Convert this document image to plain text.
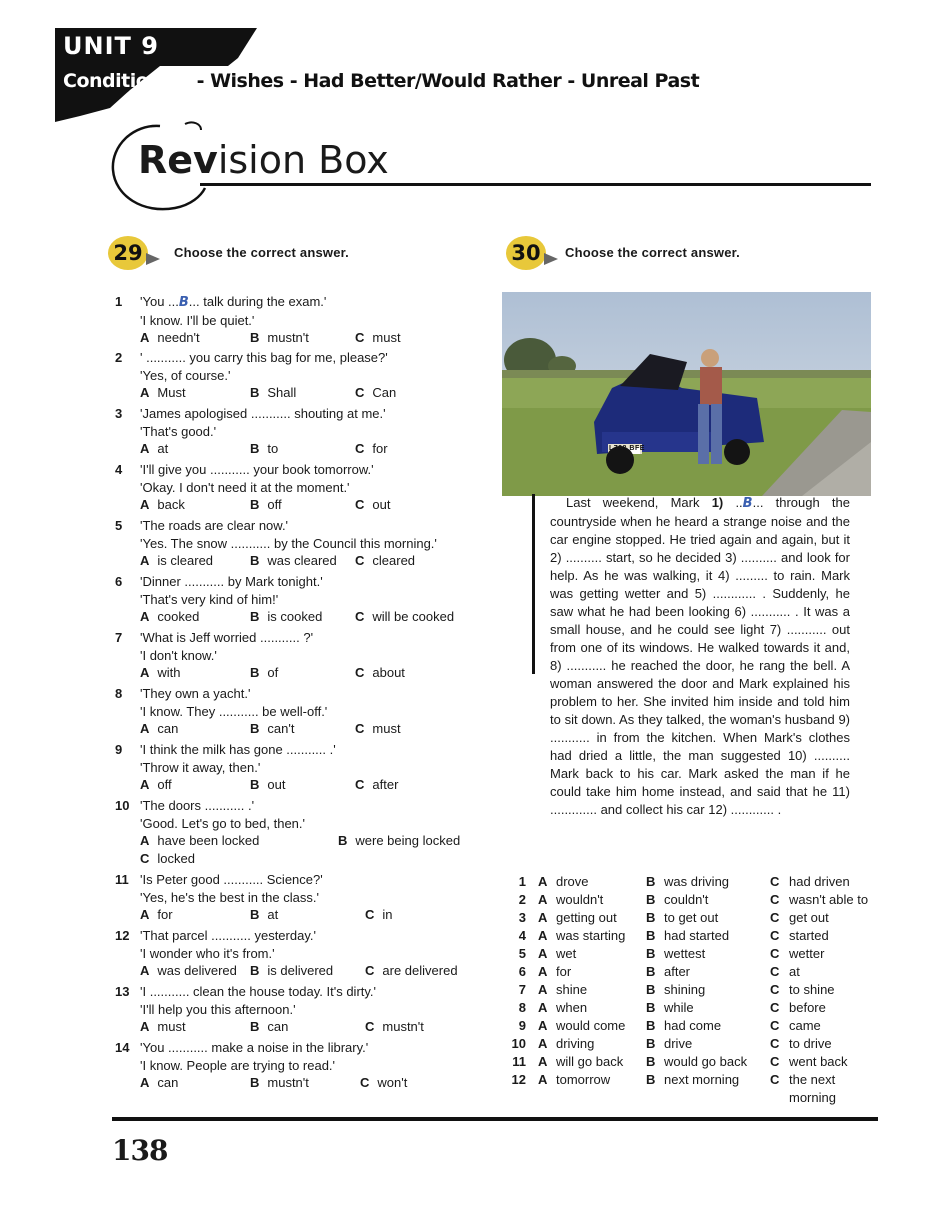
UNIT 9
Conditionals - Wishes - Had Better/Would Rather - Unreal Past
Revision Box
29	Choose the correct answer.
1	'You ...B... talk during the exam.'
'I know. I'll be quiet.'
A needn't	B mustn't	C must
2	' ........... you carry this bag for me, please?'
'Yes, of course.'
A Must	B Shall	C Can
3	'James apologised ........... shouting at me.'
'That's good.'
A at	B to	C for
4	'I'll give you ........... your book tomorrow.'
'Okay. I don't need it at the moment.'
A back	B off	C out
5	'The roads are clear now.'
'Yes. The snow ........... by the Council this morning.'
A is cleared	B was cleared C cleared
6	'Dinner ........... by Mark tonight.'
'That's very kind of him!'
A cooked	B is cooked	C will be cooked
7	'What is Jeff worried ........... ?'
'I don't know.'
A with	B of	C about
8	'They own a yacht.'
'I know. They ........... be well-off.'
A can	B can't	C must
9	'I think the milk has gone ........... .'
'Throw it away, then.'
A off	B out	C after
10 'The doors ........... .'
'Good. Let's go to bed, then.'
A have been locked	B were being locked
C locked
11 'Is Peter good ........... Science?'
'Yes, he's the best in the class.'
A for	B at	C in
12 'That parcel ........... yesterday.'
'I wonder who it's from.'
A was delivered B is delivered C are delivered
13 'I ........... clean the house today. It's dirty.'
'I'll help you this afternoon.'
A must	B can	C mustn't
14 'You ........... make a noise in the library.'
'I know. People are trying to read.'
A can	B mustn't	C won't
30	Choose the correct answer.
L728 BFE
Last weekend, Mark 1) ..B... through the countryside when he heard a strange noise and the car engine stopped. He tried again and again, but it 2) .......... start, so he decided 3) .......... and look for help. As he was walking, it 4) ......... to rain. Mark was getting wetter and 5) ............ . Suddenly, he saw what he had been looking 6) ........... . It was a small house, and he could see light 7) ........... out from one of its windows. He walked towards it and, 8) ........... he reached the door, he rang the bell. A woman answered the door and Mark explained his problem to her. She invited him inside and told him to sit down. As they talked, the woman's husband 9) ........... in from the kitchen. When Mark's clothes had dried a little, the man suggested 10) .......... Mark back to his car. Mark asked the man if he could take him home instead, and said that he 11) ............. and collect his car 12) ............ .
1 A drove	B was driving	C had driven
2 A wouldn't	B couldn't	C wasn't able to
3 A getting out B to get out	C get out
4 A was starting B had started	C started
5 A wet	B wettest	C wetter
6 A for	B after	C at
7 A shine	B shining	C to shine
8 A when	B while	C before
9 A would come B had come	C came
10 A driving	B drive	C to drive
11 A will go back B would go back C went back
12 A tomorrow	B next morning C the next
morning
138
